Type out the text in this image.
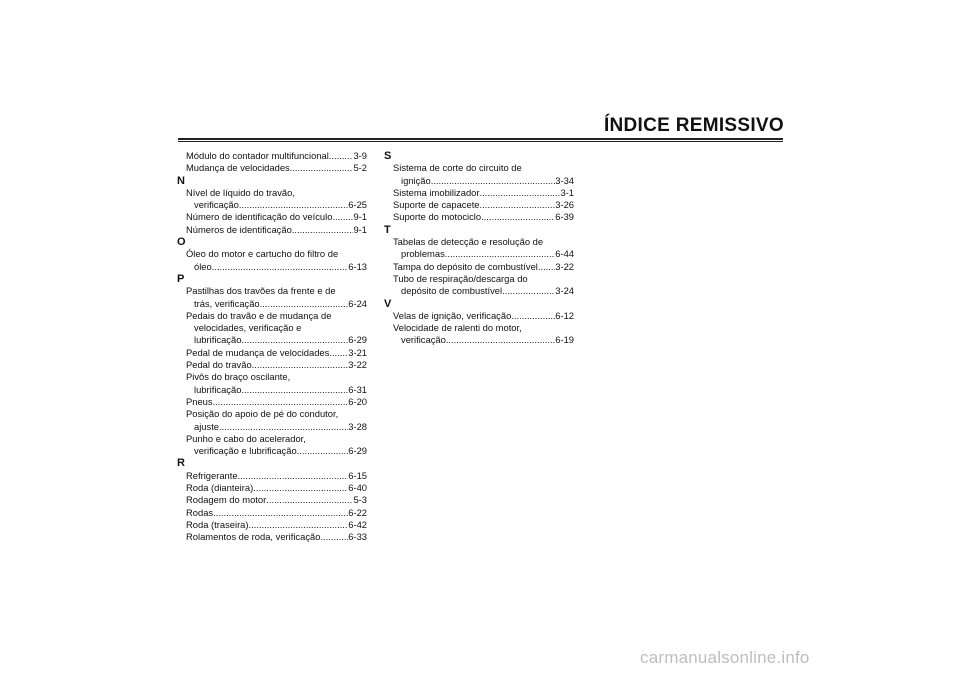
ÍNDICE REMISSIVO
Módulo do contador multifuncional .....	3-9
Mudança de velocidades .....	5-2
N
Nível de líquido do travão,
verificação .....	6-25
Número de identificação do veículo ..... 9-1
Números de identificação .....	9-1
O
Óleo do motor e cartucho do filtro de
óleo .....	6-13
P
Pastilhas dos travões da frente e de
trás, verificação .....	6-24
Pedais do travão e de mudança de
velocidades, verificação e
lubrificação .....	6-29
Pedal de mudança de velocidades ..... 3-21
Pedal do travão .....	3-22
Pivôs do braço oscilante,
lubrificação .....	6-31
Pneus .....	6-20
Posição do apoio de pé do condutor,
ajuste .....	3-28
Punho e cabo do acelerador,
verificação e lubrificação .....	6-29
R
Refrigerante .....	6-15
Roda (dianteira) .....	6-40
Rodagem do motor .....	5-3
Rodas .....	6-22
Roda (traseira) .....	6-42
Rolamentos de roda, verificação .....	6-33
S
Sistema de corte do circuito de
ignição .....	3-34
Sistema imobilizador .....	3-1
Suporte de capacete .....	3-26
Suporte do motociclo .....	6-39
T
Tabelas de detecção e resolução de
problemas .....	6-44
Tampa do depósito de combustível ..... 3-22
Tubo de respiração/descarga do
depósito de combustível .....	3-24
V
Velas de ignição, verificação .....	6-12
Velocidade de ralenti do motor,
verificação .....	6-19
carmanualsonline.info
